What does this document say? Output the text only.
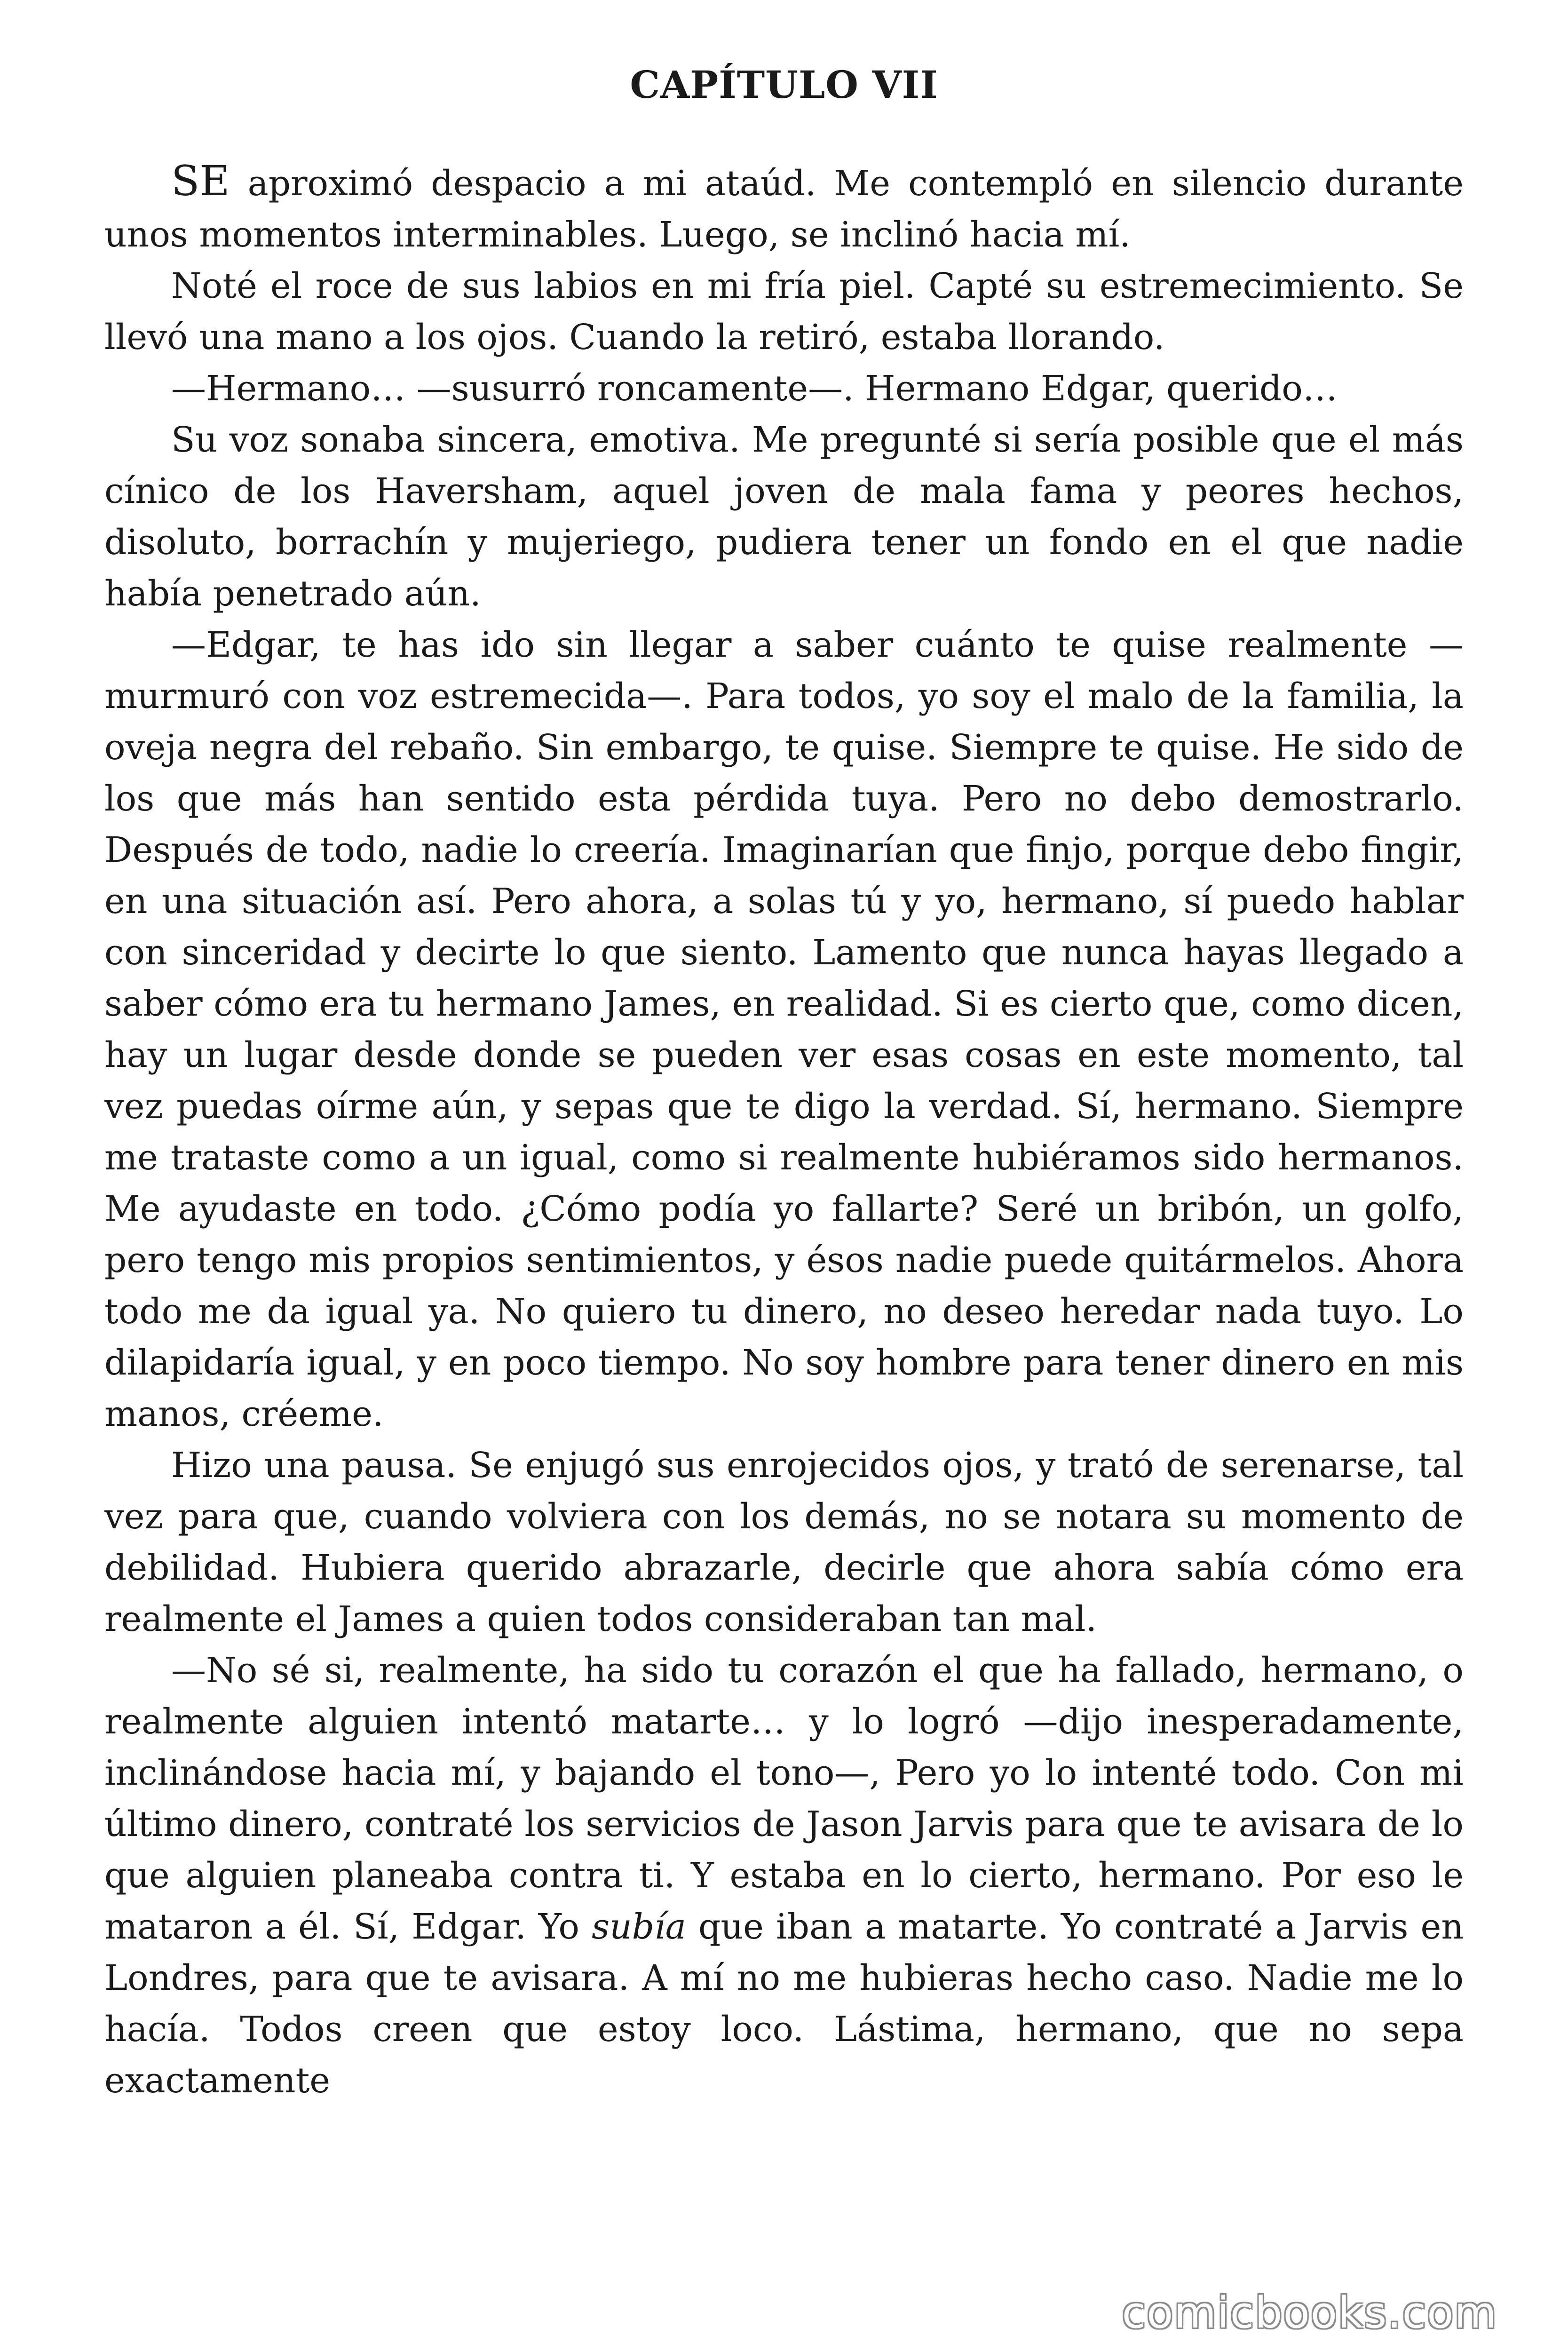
CAPÍTULO VII

SE aproximó despacio a mi ataúd. Me contempló en silencio durante unos momentos interminables. Luego, se inclinó hacia mí.

Noté el roce de sus labios en mi fría piel. Capté su estremecimiento. Se llevó una mano a los ojos. Cuando la retiró, estaba llorando.

—Hermano… —susurró roncamente—. Hermano Edgar, querido…

Su voz sonaba sincera, emotiva. Me pregunté si sería posible que el más cínico de los Haversham, aquel joven de mala fama y peores hechos, disoluto, borrachín y mujeriego, pudiera tener un fondo en el que nadie había penetrado aún.

—Edgar, te has ido sin llegar a saber cuánto te quise realmente — murmuró con voz estremecida—. Para todos, yo soy el malo de la familia, la oveja negra del rebaño. Sin embargo, te quise. Siempre te quise. He sido de los que más han sentido esta pérdida tuya. Pero no debo demostrarlo. Después de todo, nadie lo creería. Imaginarían que finjo, porque debo fingir, en una situación así. Pero ahora, a solas tú y yo, hermano, sí puedo hablar con sinceridad y decirte lo que siento. Lamento que nunca hayas llegado a saber cómo era tu hermano James, en realidad. Si es cierto que, como dicen, hay un lugar desde donde se pueden ver esas cosas en este momento, tal vez puedas oírme aún, y sepas que te digo la verdad. Sí, hermano. Siempre me trataste como a un igual, como si realmente hubiéramos sido hermanos. Me ayudaste en todo. ¿Cómo podía yo fallarte? Seré un bribón, un golfo, pero tengo mis propios sentimientos, y ésos nadie puede quitármelos. Ahora todo me da igual ya. No quiero tu dinero, no deseo heredar nada tuyo. Lo dilapidaría igual, y en poco tiempo. No soy hombre para tener dinero en mis manos, créeme.

Hizo una pausa. Se enjugó sus enrojecidos ojos, y trató de serenarse, tal vez para que, cuando volviera con los demás, no se notara su momento de debilidad. Hubiera querido abrazarle, decirle que ahora sabía cómo era realmente el James a quien todos consideraban tan mal.

—No sé si, realmente, ha sido tu corazón el que ha fallado, hermano, o realmente alguien intentó matarte… y lo logró —dijo inesperadamente, inclinándose hacia mí, y bajando el tono—, Pero yo lo intenté todo. Con mi último dinero, contraté los servicios de Jason Jarvis para que te avisara de lo que alguien planeaba contra ti. Y estaba en lo cierto, hermano. Por eso le mataron a él. Sí, Edgar. Yo subía que iban a matarte. Yo contraté a Jarvis en Londres, para que te avisara. A mí no me hubieras hecho caso. Nadie me lo hacía. Todos creen que estoy loco. Lástima, hermano, que no sepa exactamente

comicbooks.com
